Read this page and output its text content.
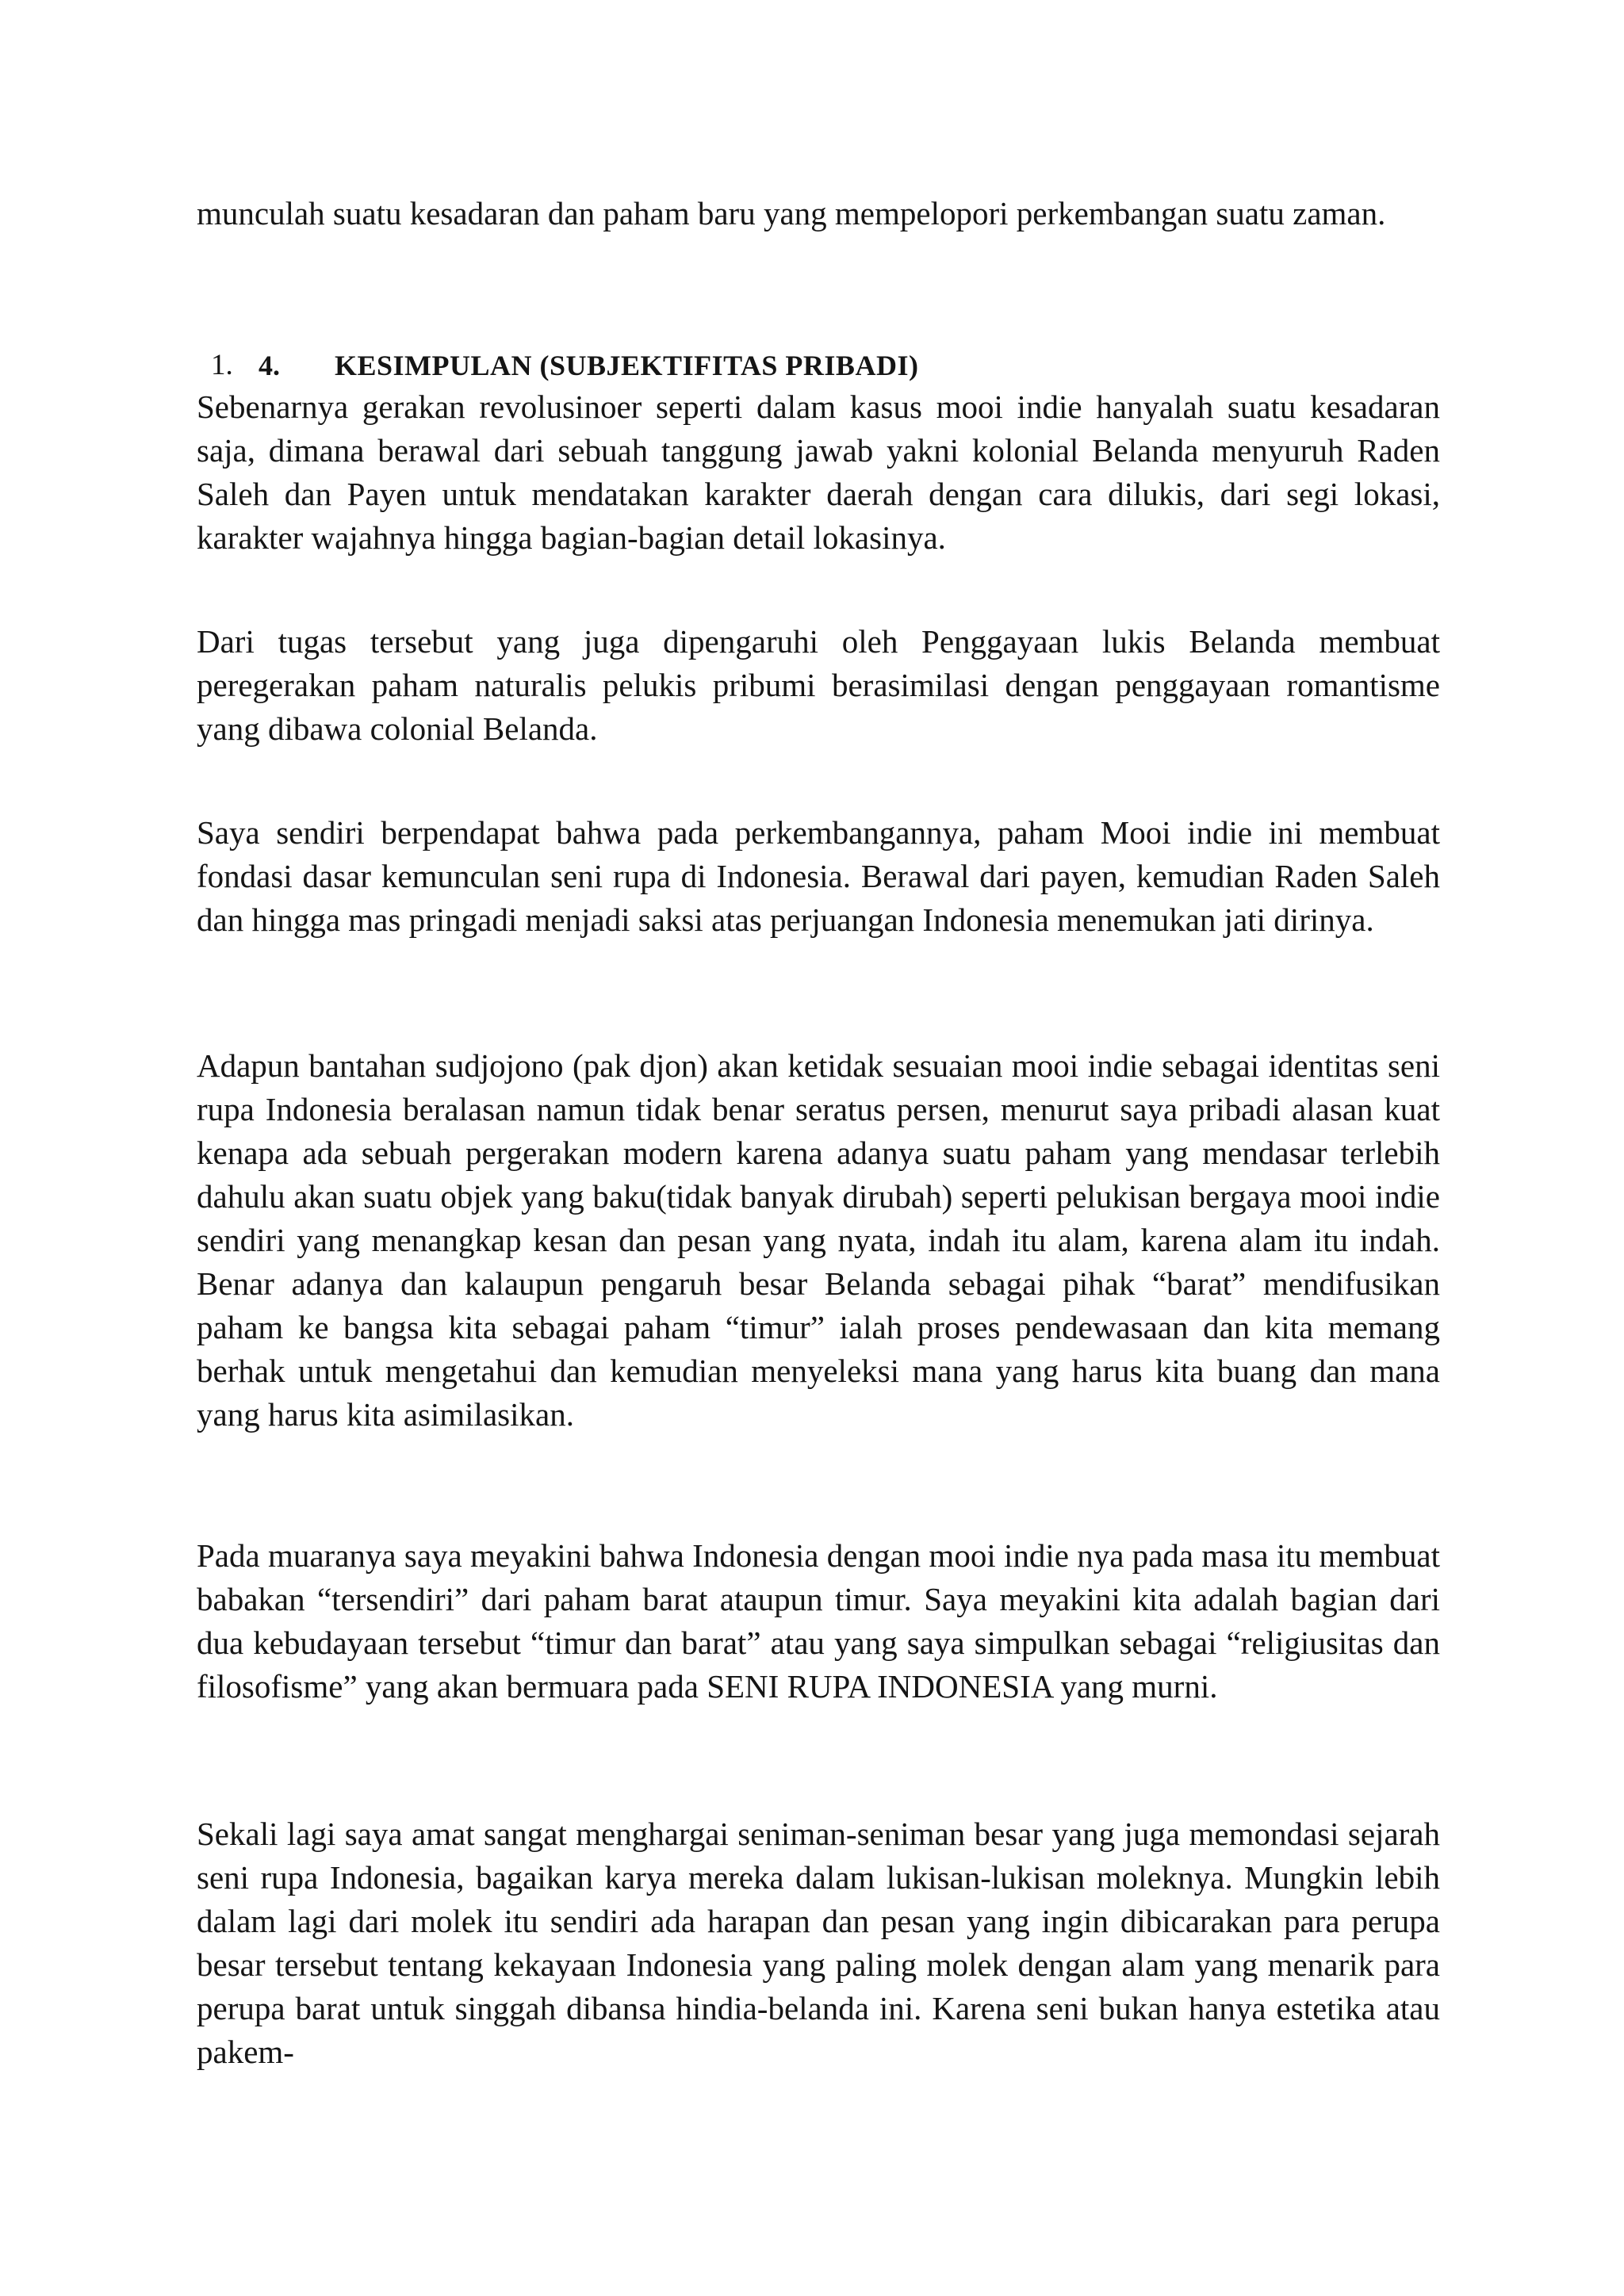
munculah suatu kesadaran dan paham baru yang mempelopori perkembangan suatu zaman.

1. 4. KESIMPULAN (SUBJEKTIFITAS PRIBADI)

Sebenarnya gerakan revolusinoer seperti dalam kasus mooi indie hanyalah suatu kesadaran saja, dimana berawal dari sebuah tanggung jawab yakni kolonial Belanda menyuruh Raden Saleh dan Payen untuk mendatakan karakter daerah dengan cara dilukis, dari segi lokasi, karakter wajahnya hingga bagian-bagian detail lokasinya.

Dari tugas tersebut yang juga dipengaruhi oleh Penggayaan lukis Belanda membuat peregerakan paham naturalis pelukis pribumi berasimilasi dengan penggayaan romantisme yang dibawa colonial Belanda.

Saya sendiri berpendapat bahwa pada perkembangannya, paham Mooi indie ini membuat fondasi dasar kemunculan seni rupa di Indonesia. Berawal dari payen, kemudian Raden Saleh dan hingga mas pringadi menjadi saksi atas perjuangan Indonesia menemukan jati dirinya.

Adapun bantahan sudjojono (pak djon) akan ketidak sesuaian mooi indie sebagai identitas seni rupa Indonesia beralasan namun tidak benar seratus persen, menurut saya pribadi alasan kuat kenapa ada sebuah pergerakan modern karena adanya suatu paham yang mendasar terlebih dahulu akan suatu objek yang baku(tidak banyak dirubah) seperti pelukisan bergaya mooi indie sendiri yang menangkap kesan dan pesan yang nyata, indah itu alam, karena alam itu indah. Benar adanya dan kalaupun pengaruh besar Belanda sebagai pihak “barat” mendifusikan paham ke bangsa kita sebagai paham “timur” ialah proses pendewasaan dan kita memang berhak untuk mengetahui dan kemudian menyeleksi mana yang harus kita buang dan mana yang harus kita asimilasikan.

Pada muaranya saya meyakini bahwa Indonesia dengan mooi indie nya pada masa itu membuat babakan “tersendiri” dari paham barat ataupun timur. Saya meyakini kita adalah bagian dari dua kebudayaan tersebut “timur dan barat” atau yang saya simpulkan sebagai “religiusitas dan filosofisme” yang akan bermuara pada SENI RUPA INDONESIA yang murni.

Sekali lagi saya amat sangat menghargai seniman-seniman besar yang juga memondasi sejarah seni rupa Indonesia, bagaikan karya mereka dalam lukisan-lukisan moleknya. Mungkin lebih dalam lagi dari molek itu sendiri ada harapan dan pesan yang ingin dibicarakan para perupa besar tersebut tentang kekayaan Indonesia yang paling molek dengan alam yang menarik para perupa barat untuk singgah dibansa hindia-belanda ini. Karena seni bukan hanya estetika atau pakem-
